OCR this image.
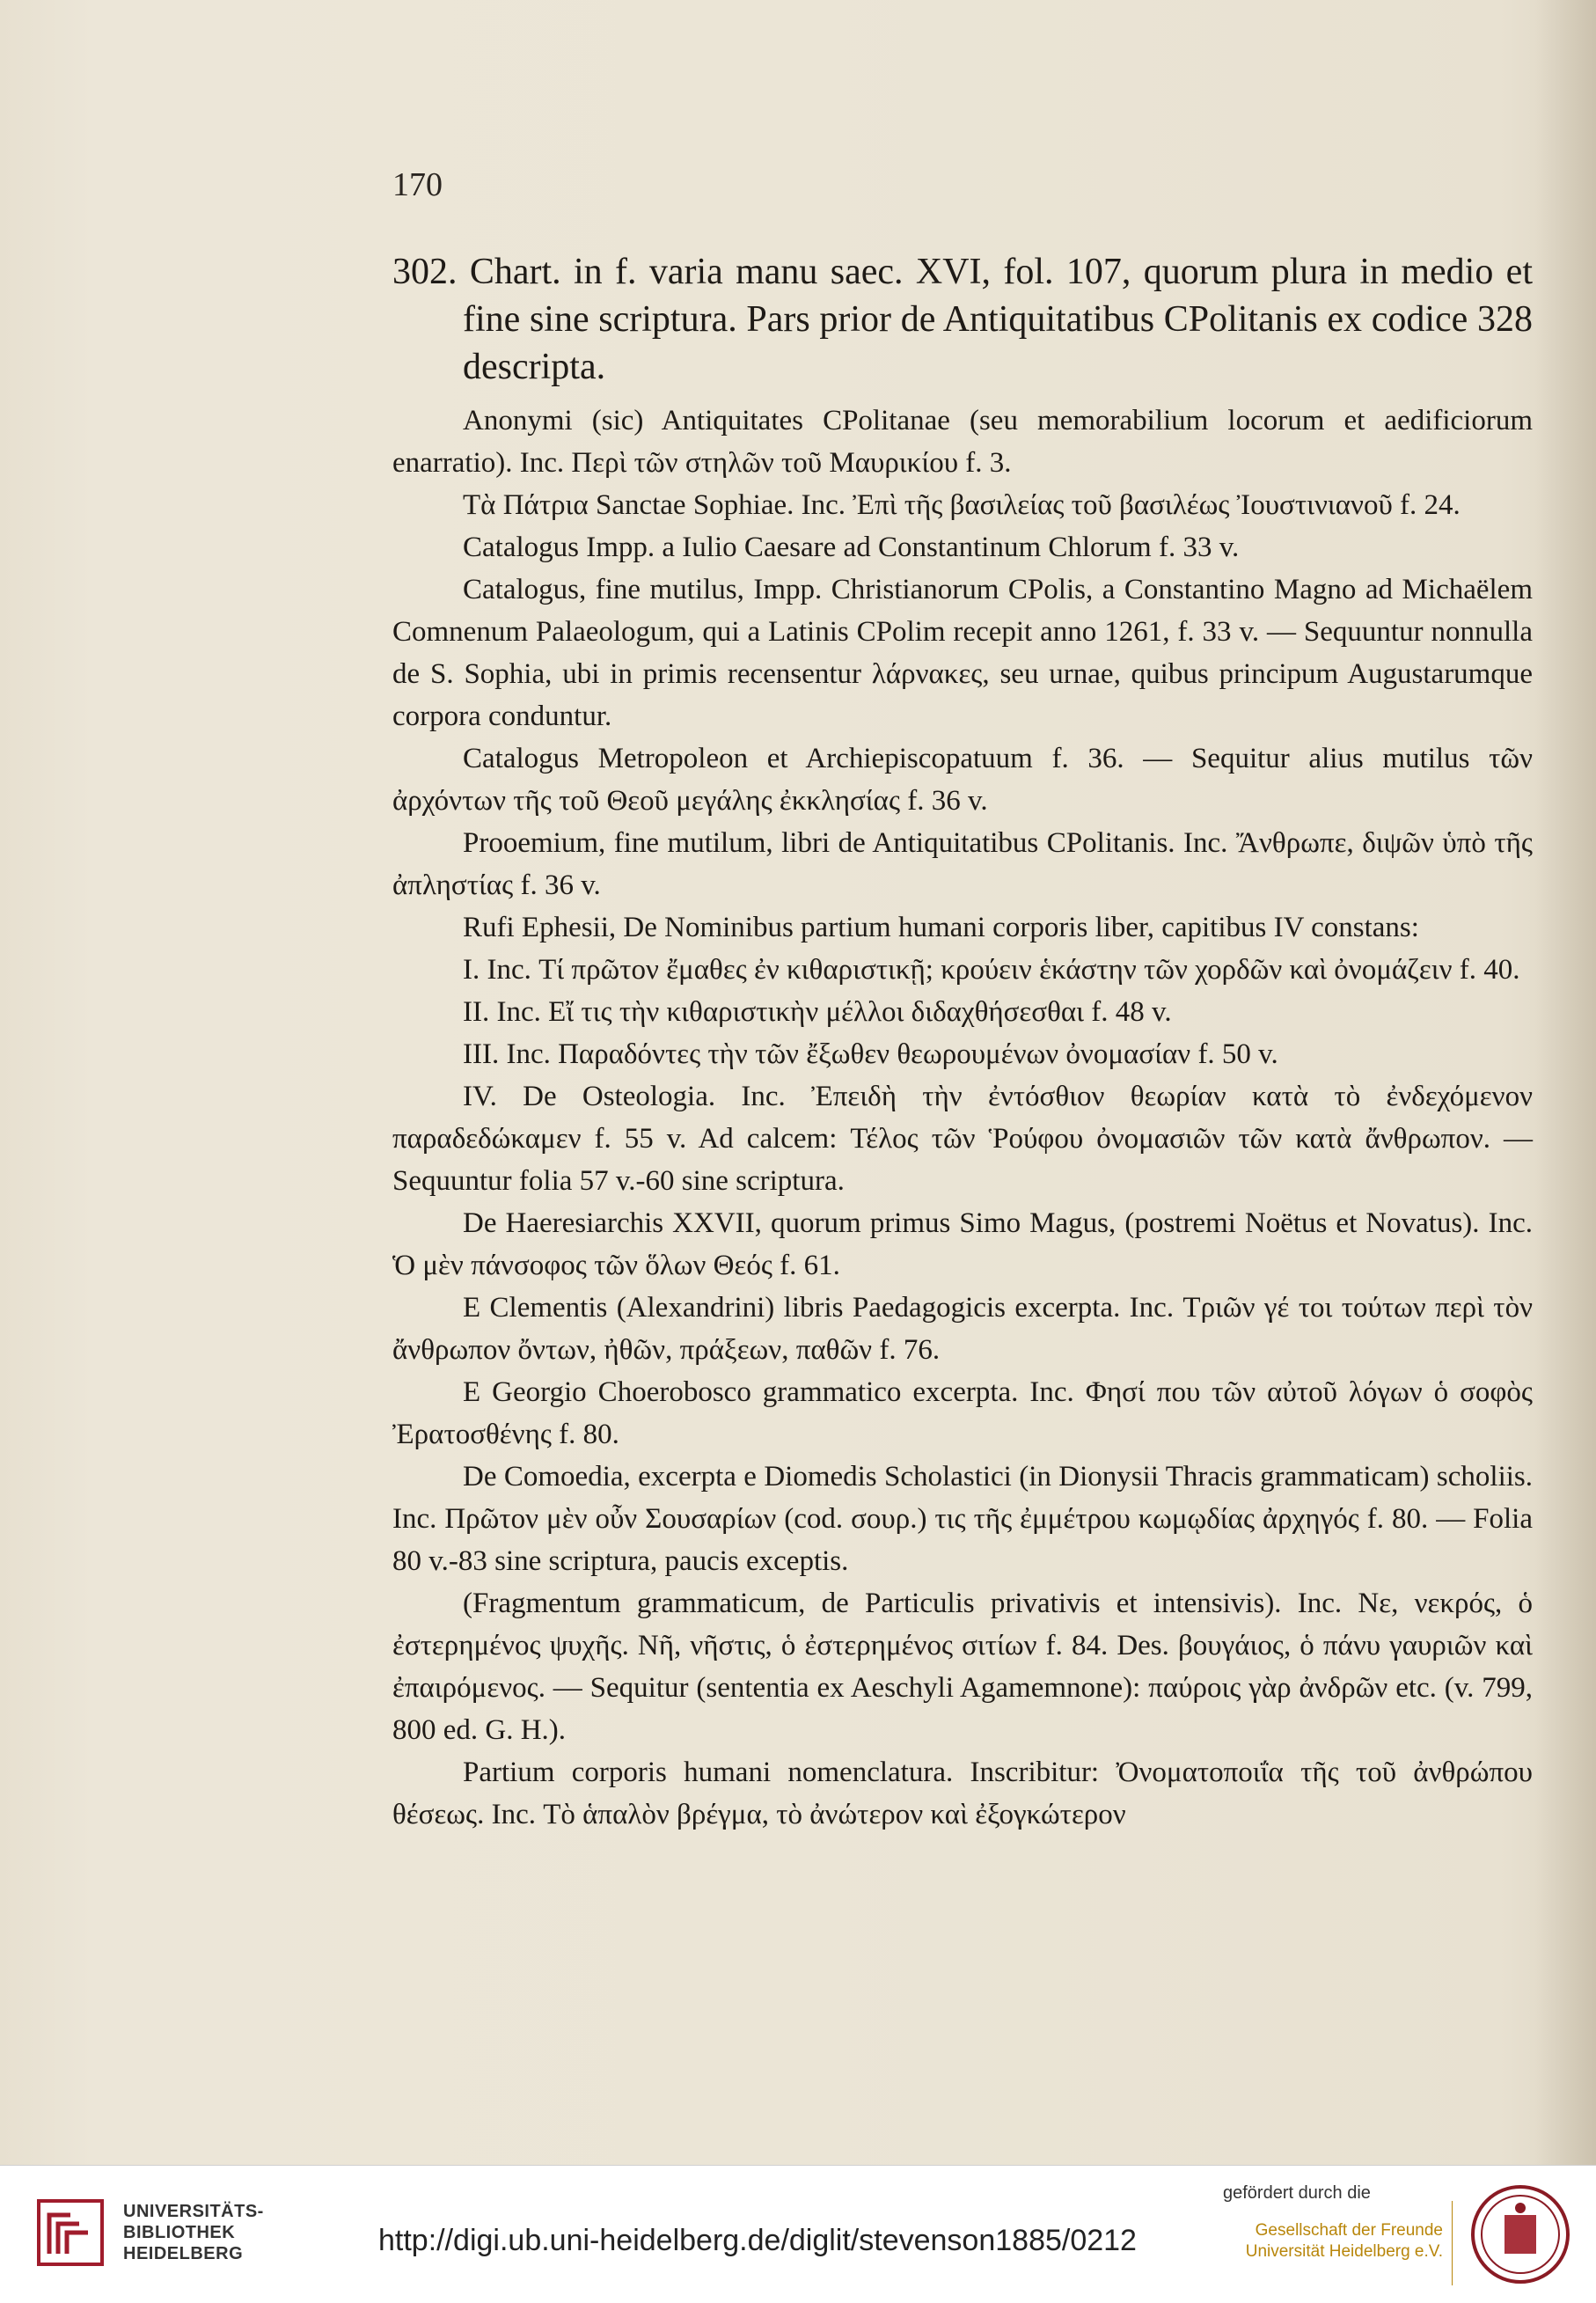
170

302. Chart. in f. varia manu saec. XVI, fol. 107, quorum plura in medio et fine sine scriptura. Pars prior de Antiquitatibus CPolitanis ex codice 328 descripta.

Anonymi (sic) Antiquitates CPolitanae (seu memorabilium locorum et aedificiorum enarratio). Inc. Περὶ τῶν στηλῶν τοῦ Μαυρικίου f. 3.

Τὰ Πάτρια Sanctae Sophiae. Inc. Ἐπὶ τῆς βασιλείας τοῦ βασιλέως Ἰουστινιανοῦ f. 24.

Catalogus Impp. a Iulio Caesare ad Constantinum Chlorum f. 33 v.

Catalogus, fine mutilus, Impp. Christianorum CPolis, a Constantino Magno ad Michaëlem Comnenum Palaeologum, qui a Latinis CPolim recepit anno 1261, f. 33 v. — Sequuntur nonnulla de S. Sophia, ubi in primis recensentur λάρνακες, seu urnae, quibus principum Augustarumque corpora conduntur.

Catalogus Metropoleon et Archiepiscopatuum f. 36. — Sequitur alius mutilus τῶν ἀρχόντων τῆς τοῦ Θεοῦ μεγάλης ἐκκλησίας f. 36 v.

Prooemium, fine mutilum, libri de Antiquitatibus CPolitanis. Inc. Ἄνθρωπε, διψῶν ὑπὸ τῆς ἀπληστίας f. 36 v.

Rufi Ephesii, De Nominibus partium humani corporis liber, capitibus IV constans:

I. Inc. Τί πρῶτον ἔμαθες ἐν κιθαριστικῇ; κρούειν ἑκάστην τῶν χορδῶν καὶ ὀνομάζειν f. 40.

II. Inc. Εἴ τις τὴν κιθαριστικὴν μέλλοι διδαχθήσεσθαι f. 48 v.

III. Inc. Παραδόντες τὴν τῶν ἔξωθεν θεωρουμένων ὀνομασίαν f. 50 v.

IV. De Osteologia. Inc. Ἐπειδὴ τὴν ἐντόσθιον θεωρίαν κατὰ τὸ ἐνδεχόμενον παραδεδώκαμεν f. 55 v. Ad calcem: Τέλος τῶν Ῥούφου ὀνομασιῶν τῶν κατὰ ἄνθρωπον. — Sequuntur folia 57 v.-60 sine scriptura.

De Haeresiarchis XXVII, quorum primus Simo Magus, (postremi Noëtus et Novatus). Inc. Ὁ μὲν πάνσοφος τῶν ὅλων Θεός f. 61.

E Clementis (Alexandrini) libris Paedagogicis excerpta. Inc. Τριῶν γέ τοι τούτων περὶ τὸν ἄνθρωπον ὄντων, ἠθῶν, πράξεων, παθῶν f. 76.

E Georgio Choerobosco grammatico excerpta. Inc. Φησί που τῶν αὐτοῦ λόγων ὁ σοφὸς Ἐρατοσθένης f. 80.

De Comoedia, excerpta e Diomedis Scholastici (in Dionysii Thracis grammaticam) scholiis. Inc. Πρῶτον μὲν οὖν Σουσαρίων (cod. σουρ.) τις τῆς ἐμμέτρου κωμῳδίας ἀρχηγός f. 80. — Folia 80 v.-83 sine scriptura, paucis exceptis.

(Fragmentum grammaticum, de Particulis privativis et intensivis). Inc. Νε, νεκρός, ὁ ἐστερημένος ψυχῆς. Νῆ, νῆστις, ὁ ἐστερημένος σιτίων f. 84. Des. βουγάιος, ὁ πάνυ γαυριῶν καὶ ἐπαιρόμενος. — Sequitur (sententia ex Aeschyli Agamemnone): παύροις γὰρ ἀνδρῶν etc. (v. 799, 800 ed. G. H.).

Partium corporis humani nomenclatura. Inscribitur: Ὀνοματοποιΐα τῆς τοῦ ἀνθρώπου θέσεως. Inc. Τὸ ἁπαλὸν βρέγμα, τὸ ἀνώτερον καὶ ἐξογκώτερον

UNIVERSITÄTS-
BIBLIOTHEK
HEIDELBERG	http://digi.ub.uni-heidelberg.de/diglit/stevenson1885/0212
gefördert durch die
Gesellschaft der Freunde
Universität Heidelberg e.V.
